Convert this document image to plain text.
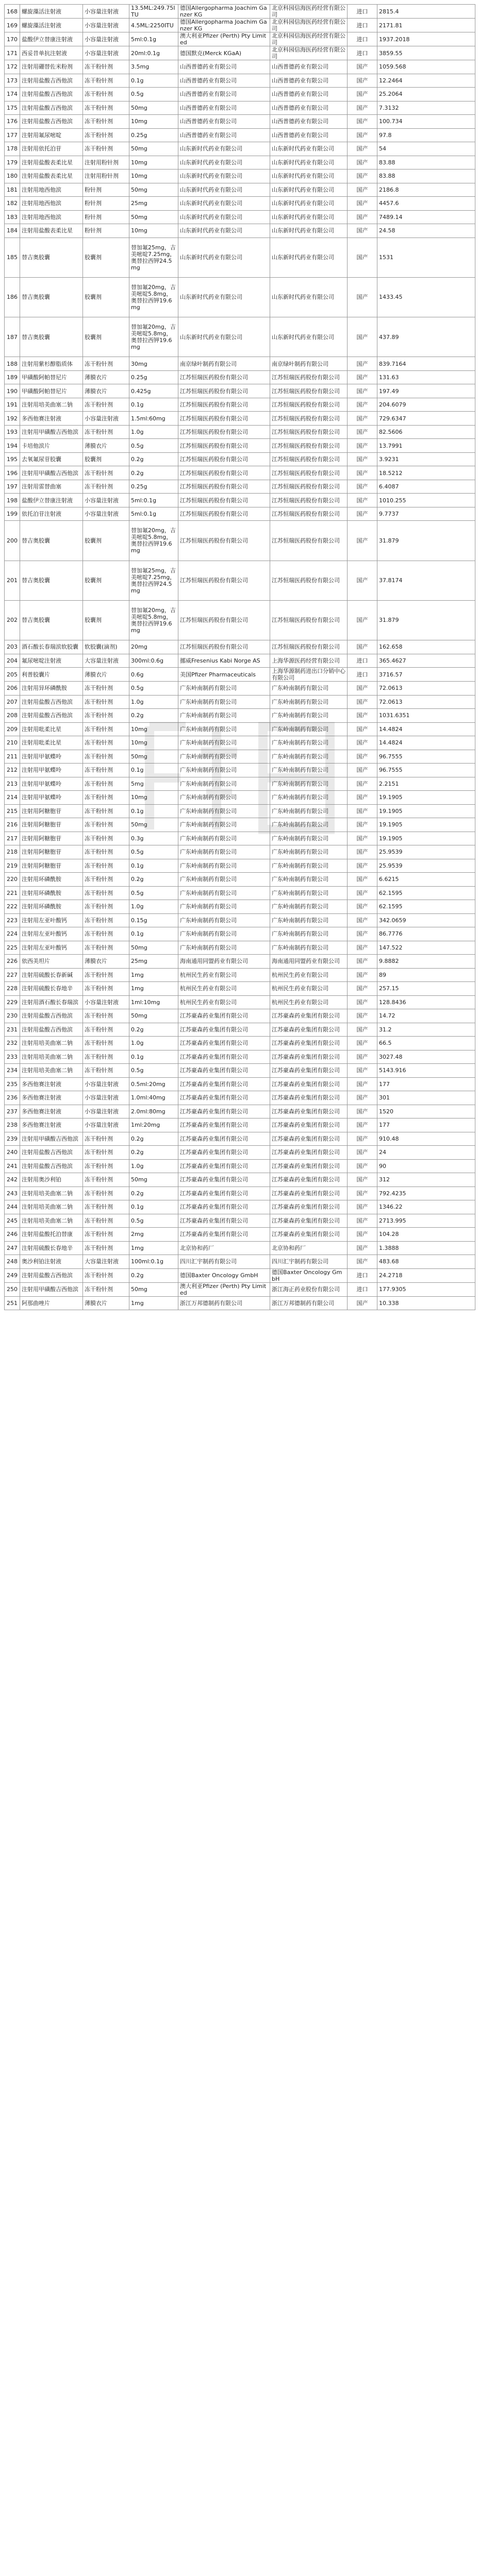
168	螺旋藻活注射液	小容量注射液	13.5ML:249.75ITU	德国Allergopharma Joachim Ganzer KG	北京科园信海医药经营有限公司	进口	2815.4
169	螺旋藻活注射液	小容量注射液	4.5ML:2250ITU	德国Allergopharma Joachim Ganzer KG	北京科园信海医药经营有限公司	进口	2171.81
170	盐酸伊立替康注射液	小容量注射液	5ml:0.1g	澳大利亚Pfizer (Perth) Pty Limited	北京科园信海医药经营有限公司	进口	1937.2018
171	西妥昔单抗注射液	小容量注射液	20ml:0.1g	德国默克(Merck KGaA)	北京科园信海医药经营有限公司	进口	3859.55
172	注射用硼替佐米粉剂	冻干粉针剂	3.5mg	山西普德药业有限公司	山西普德药业有限公司	国产	1059.568
173	注射用盐酸吉西他滨	冻干粉针剂	0.1g	山西普德药业有限公司	山西普德药业有限公司	国产	12.2464
174	注射用盐酸吉西他滨	冻干粉针剂	0.5g	山西普德药业有限公司	山西普德药业有限公司	国产	25.2064
175	注射用盐酸吉西他滨	冻干粉针剂	50mg	山西普德药业有限公司	山西普德药业有限公司	国产	7.3132
176	注射用盐酸吉西他滨	冻干粉针剂	10mg	山西普德药业有限公司	山西普德药业有限公司	国产	100.734
177	注射用氟尿嘧啶	冻干粉针剂	0.25g	山西普德药业有限公司	山西普德药业有限公司	国产	97.8
178	注射用依托泊苷	冻干粉针剂	50mg	山东新时代药业有限公司	山东新时代药业有限公司	国产	54
179	注射用盐酸表柔比星	注射用粉针剂	10mg	山东新时代药业有限公司	山东新时代药业有限公司	国产	83.88
180	注射用盐酸表柔比星	注射用粉针剂	10mg	山东新时代药业有限公司	山东新时代药业有限公司	国产	83.88
181	注射用地西他滨	粉针剂	50mg	山东新时代药业有限公司	山东新时代药业有限公司	国产	2186.8
182	注射用地西他滨	粉针剂	25mg	山东新时代药业有限公司	山东新时代药业有限公司	国产	4457.6
183	注射用地西他滨	粉针剂	50mg	山东新时代药业有限公司	山东新时代药业有限公司	国产	7489.14
184	注射用盐酸表柔比星	粉针剂	10mg	山东新时代药业有限公司	山东新时代药业有限公司	国产	24.58
185	替吉奥胶囊	胶囊剂	替加氟25mg，吉美嘧啶7.25mg，奥替拉西钾24.5mg	山东新时代药业有限公司	山东新时代药业有限公司	国产	1531
186	替吉奥胶囊	胶囊剂	替加氟20mg，吉美嘧啶5.8mg，奥替拉西钾19.6mg	山东新时代药业有限公司	山东新时代药业有限公司	国产	1433.45
187	替吉奥胶囊	胶囊剂	替加氟20mg，吉美嘧啶5.8mg，奥替拉西钾19.6mg	山东新时代药业有限公司	山东新时代药业有限公司	国产	437.89
188	注射用紫杉醇脂质体	冻干粉针剂	30mg	南京绿叶制药有限公司	南京绿叶制药有限公司	国产	839.7164
189	甲磺酸阿帕替尼片	薄膜衣片	0.25g	江苏恒瑞医药股份有限公司	江苏恒瑞医药股份有限公司	国产	131.63
190	甲磺酸阿帕替尼片	薄膜衣片	0.425g	江苏恒瑞医药股份有限公司	江苏恒瑞医药股份有限公司	国产	197.49
191	注射用培美曲塞二钠	冻干粉针剂	0.1g	江苏恒瑞医药股份有限公司	江苏恒瑞医药股份有限公司	国产	204.6079
192	多西他赛注射液	小容量注射液	1.5ml:60mg	江苏恒瑞医药股份有限公司	江苏恒瑞医药股份有限公司	国产	729.6347
193	注射用甲磺酸吉西他滨	冻干粉针剂	1.0g	江苏恒瑞医药股份有限公司	江苏恒瑞医药股份有限公司	国产	82.5606
194	卡培他滨片	薄膜衣片	0.5g	江苏恒瑞医药股份有限公司	江苏恒瑞医药股份有限公司	国产	13.7991
195	去氧氟尿苷胶囊	胶囊剂	0.2g	江苏恒瑞医药股份有限公司	江苏恒瑞医药股份有限公司	国产	3.9231
196	注射用甲磺酸吉西他滨	冻干粉针剂	0.2g	江苏恒瑞医药股份有限公司	江苏恒瑞医药股份有限公司	国产	18.5212
197	注射用雷替曲塞	冻干粉针剂	0.25g	江苏恒瑞医药股份有限公司	江苏恒瑞医药股份有限公司	国产	6.4087
198	盐酸伊立替康注射液	小容量注射液	5ml:0.1g	江苏恒瑞医药股份有限公司	江苏恒瑞医药股份有限公司	国产	1010.255
199	依托泊苷注射液	小容量注射液	5ml:0.1g	江苏恒瑞医药股份有限公司	江苏恒瑞医药股份有限公司	国产	9.7737
200	替吉奥胶囊	胶囊剂	替加氟20mg，吉美嘧啶5.8mg，奥替拉西钾19.6mg	江苏恒瑞医药股份有限公司	江苏恒瑞医药股份有限公司	国产	31.879
201	替吉奥胶囊	胶囊剂	替加氟25mg，吉美嘧啶7.25mg，奥替拉西钾24.5mg	江苏恒瑞医药股份有限公司	江苏恒瑞医药股份有限公司	国产	37.8174
202	替吉奥胶囊	胶囊剂	替加氟20mg，吉美嘧啶5.8mg，奥替拉西钾19.6mg	江苏恒瑞医药股份有限公司	江苏恒瑞医药股份有限公司	国产	31.879
203	酒石酸长春瑞滨软胶囊	软胶囊(滴剂)	20mg	江苏恒瑞医药股份有限公司	江苏恒瑞医药股份有限公司	国产	162.658
204	氟尿嘧啶注射液	大容量注射液	300ml:0.6g	挪威Fresenius Kabi Norge AS	上海华源医药经营有限公司	进口	365.4627
205	利普胶囊片	薄膜衣片	0.6g	美国Pfizer Pharmaceuticals	上海华源制药进出口分销中心有限公司	进口	3716.57
206	注射用异环磷酰胺	冻干粉针剂	0.5g	广东岭南制药有限公司	广东岭南制药有限公司	国产	72.0613
207	注射用盐酸吉西他滨	冻干粉针剂	1.0g	广东岭南制药有限公司	广东岭南制药有限公司	国产	72.0613
208	注射用盐酸吉西他滨	冻干粉针剂	0.2g	广东岭南制药有限公司	广东岭南制药有限公司	国产	1031.6351
209	注射用吡柔比星	冻干粉针剂	10mg	广东岭南制药有限公司	广东岭南制药有限公司	国产	14.4824
210	注射用吡柔比星	冻干粉针剂	10mg	广东岭南制药有限公司	广东岭南制药有限公司	国产	14.4824
211	注射用甲氨蝶呤	冻干粉针剂	50mg	广东岭南制药有限公司	广东岭南制药有限公司	国产	96.7555
212	注射用甲氨蝶呤	冻干粉针剂	0.1g	广东岭南制药有限公司	广东岭南制药有限公司	国产	96.7555
213	注射用甲氨蝶呤	冻干粉针剂	5mg	广东岭南制药有限公司	广东岭南制药有限公司	国产	2.2151
214	注射用甲氨蝶呤	冻干粉针剂	10mg	广东岭南制药有限公司	广东岭南制药有限公司	国产	19.1905
215	注射用阿糖胞苷	冻干粉针剂	0.1g	广东岭南制药有限公司	广东岭南制药有限公司	国产	19.1905
216	注射用阿糖胞苷	冻干粉针剂	50mg	广东岭南制药有限公司	广东岭南制药有限公司	国产	19.1905
217	注射用阿糖胞苷	冻干粉针剂	0.3g	广东岭南制药有限公司	广东岭南制药有限公司	国产	19.1905
218	注射用阿糖胞苷	冻干粉针剂	0.5g	广东岭南制药有限公司	广东岭南制药有限公司	国产	25.9539
219	注射用阿糖胞苷	冻干粉针剂	0.1g	广东岭南制药有限公司	广东岭南制药有限公司	国产	25.9539
220	注射用环磷酰胺	冻干粉针剂	0.2g	广东岭南制药有限公司	广东岭南制药有限公司	国产	6.6215
221	注射用环磷酰胺	冻干粉针剂	0.5g	广东岭南制药有限公司	广东岭南制药有限公司	国产	62.1595
222	注射用环磷酰胺	冻干粉针剂	1.0g	广东岭南制药有限公司	广东岭南制药有限公司	国产	62.1595
223	注射用左亚叶酸钙	冻干粉针剂	0.15g	广东岭南制药有限公司	广东岭南制药有限公司	国产	342.0659
224	注射用左亚叶酸钙	冻干粉针剂	0.1g	广东岭南制药有限公司	广东岭南制药有限公司	国产	86.7776
225	注射用左亚叶酸钙	冻干粉针剂	50mg	广东岭南制药有限公司	广东岭南制药有限公司	国产	147.522
226	依西美坦片	薄膜衣片	25mg	海南通用同盟药业有限公司	海南通用同盟药业有限公司	国产	9.8882
227	注射用硫酸长春新碱	冻干粉针剂	1mg	杭州民生药业有限公司	杭州民生药业有限公司	国产	89
228	注射用硫酸长春地辛	冻干粉针剂	1mg	杭州民生药业有限公司	杭州民生药业有限公司	国产	257.15
229	注射用酒石酸长春瑞滨	小容量注射液	1ml:10mg	杭州民生药业有限公司	杭州民生药业有限公司	国产	128.8436
230	注射用盐酸吉西他滨	冻干粉针剂	50mg	江苏豪森药业集团有限公司	江苏豪森药业集团有限公司	国产	14.72
231	注射用盐酸吉西他滨	冻干粉针剂	0.2g	江苏豪森药业集团有限公司	江苏豪森药业集团有限公司	国产	31.2
232	注射用培美曲塞二钠	冻干粉针剂	1.0g	江苏豪森药业集团有限公司	江苏豪森药业集团有限公司	国产	66.5
233	注射用培美曲塞二钠	冻干粉针剂	0.1g	江苏豪森药业集团有限公司	江苏豪森药业集团有限公司	国产	3027.48
234	注射用培美曲塞二钠	冻干粉针剂	0.5g	江苏豪森药业集团有限公司	江苏豪森药业集团有限公司	国产	5143.916
235	多西他赛注射液	小容量注射液	0.5ml:20mg	江苏豪森药业集团有限公司	江苏豪森药业集团有限公司	国产	177
236	多西他赛注射液	小容量注射液	1.0ml:40mg	江苏豪森药业集团有限公司	江苏豪森药业集团有限公司	国产	301
237	多西他赛注射液	小容量注射液	2.0ml:80mg	江苏豪森药业集团有限公司	江苏豪森药业集团有限公司	国产	1520
238	多西他赛注射液	小容量注射液	1ml:20mg	江苏豪森药业集团有限公司	江苏豪森药业集团有限公司	国产	177
239	注射用甲磺酸吉西他滨	冻干粉针剂	0.2g	江苏豪森药业集团有限公司	江苏豪森药业集团有限公司	国产	910.48
240	注射用盐酸吉西他滨	冻干粉针剂	0.2g	江苏豪森药业集团有限公司	江苏豪森药业集团有限公司	国产	24
241	注射用盐酸吉西他滨	冻干粉针剂	1.0g	江苏豪森药业集团有限公司	江苏豪森药业集团有限公司	国产	90
242	注射用奥沙利铂	冻干粉针剂	50mg	江苏豪森药业集团有限公司	江苏豪森药业集团有限公司	国产	312
243	注射用培美曲塞二钠	冻干粉针剂	0.2g	江苏豪森药业集团有限公司	江苏豪森药业集团有限公司	国产	792.4235
244	注射用培美曲塞二钠	冻干粉针剂	0.1g	江苏豪森药业集团有限公司	江苏豪森药业集团有限公司	国产	1346.22
245	注射用培美曲塞二钠	冻干粉针剂	0.5g	江苏豪森药业集团有限公司	江苏豪森药业集团有限公司	国产	2713.995
246	注射用盐酸托泊替康	冻干粉针剂	2mg	江苏豪森药业集团有限公司	江苏豪森药业集团有限公司	国产	104.28
247	注射用硫酸长春地辛	冻干粉针剂	1mg	北京协和药厂	北京协和药厂	国产	1.3888
248	奥沙利铂注射液	大容量注射液	100ml:0.1g	四川汇宇制药有限公司	四川汇宇制药有限公司	国产	483.68
249	注射用盐酸吉西他滨	冻干粉针剂	0.2g	德国Baxter Oncology GmbH	德国Baxter Oncology GmbH	进口	24.2718
250	注射用甲磺酸吉西他滨	冻干粉针剂	50mg	澳大利亚Pfizer (Perth) Pty Limited	浙江海正药业股份有限公司	进口	177.9305
251	阿那曲唑片	薄膜衣片	1mg	浙江万邦德制药有限公司	浙江万邦德制药有限公司	国产	10.338
